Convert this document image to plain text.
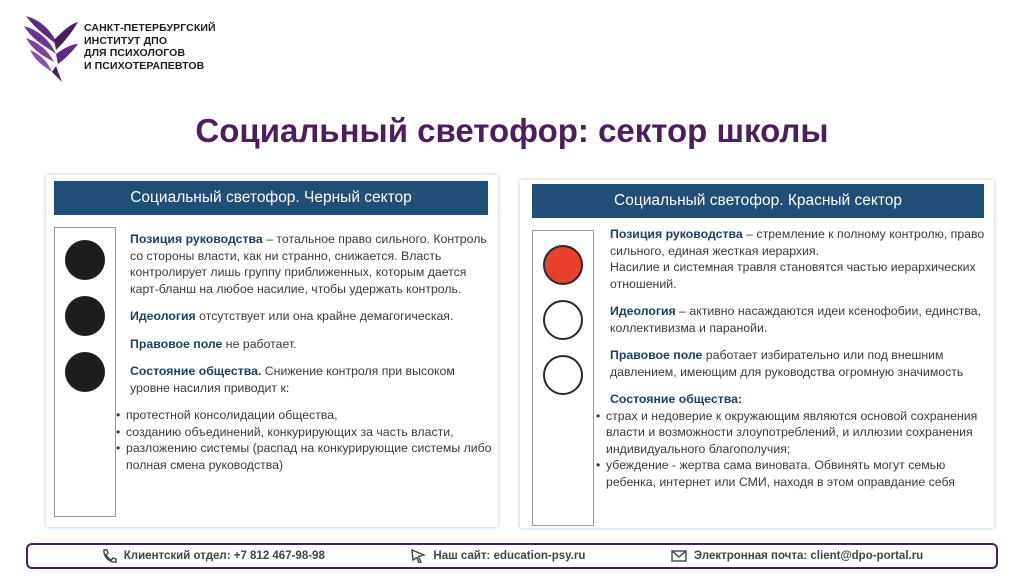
САНКТ-ПЕТЕРБУРГСКИЙ
ИНСТИТУТ ДПО
ДЛЯ ПСИХОЛОГОВ
И ПСИХОТЕРАПЕВТОВ
Социальный светофор: сектор школы
Социальный светофор. Черный сектор

Позиция руководства – тотальное право сильного. Контроль со стороны власти, как ни странно, снижается. Власть контролирует лишь группу приближенных, которым дается карт-бланш на любое насилие, чтобы удержать контроль.

Идеология отсутствует или она крайне демагогическая.

Правовое поле не работает.

Состояние общества. Снижение контроля при высоком уровне насилия приводит к:

• протестной консолидации общества,
• созданию объединений, конкурирующих за часть власти,
• разложению системы (распад на конкурирующие системы либо полная смена руководства)
Социальный светофор. Красный сектор

Позиция руководства – стремление к полному контролю, право сильного, единая жесткая иерархия.
Насилие и системная травля становятся частью иерархических отношений.

Идеология – активно насаждаются идеи ксенофобии, единства, коллективизма и паранойи.

Правовое поле работает избирательно или под внешним давлением, имеющим для руководства огромную значимость

Состояние общества:

• страх и недоверие к окружающим являются основой сохранения власти и возможности злоупотреблений, и иллюзии сохранения индивидуального благополучия;
• убеждение - жертва сама виновата. Обвинять могут семью ребенка, интернет или СМИ, находя в этом оправдание себя
Клиентский отдел: +7 812 467-98-98	Наш сайт: education-psy.ru	Электронная почта: client@dpo-portal.ru
